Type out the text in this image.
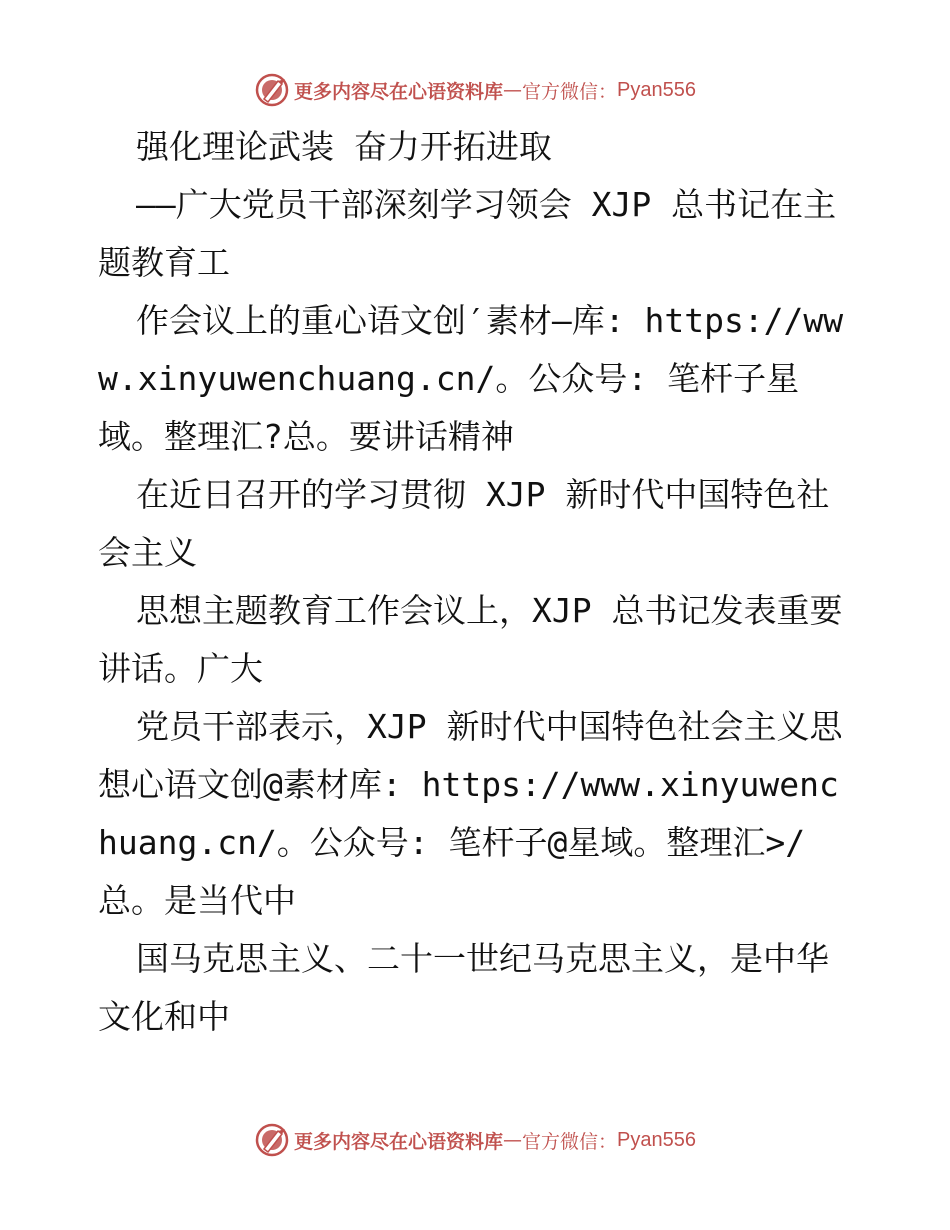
更多内容尽在心语资料库 — 官方微信： Pyan556

强化理论武装 奋力开拓进取

——广大党员干部深刻学习领会 XJP 总书记在主题教育工

作会议上的重心语文创′素材—库: https://www.xinyuwenchuang.cn/。公众号: 笔杆子星域。整理汇?总。要讲话精神

在近日召开的学习贯彻 XJP 新时代中国特色社会主义

思想主题教育工作会议上，XJP 总书记发表重要讲话。广大

党员干部表示，XJP 新时代中国特色社会主义思想心语文创@素材库: https://www.xinyuwenchuang.cn/。公众号: 笔杆子@星域。整理汇>/总。是当代中

国马克思主义、二十一世纪马克思主义，是中华文化和中

更多内容尽在心语资料库 — 官方微信： Pyan556
